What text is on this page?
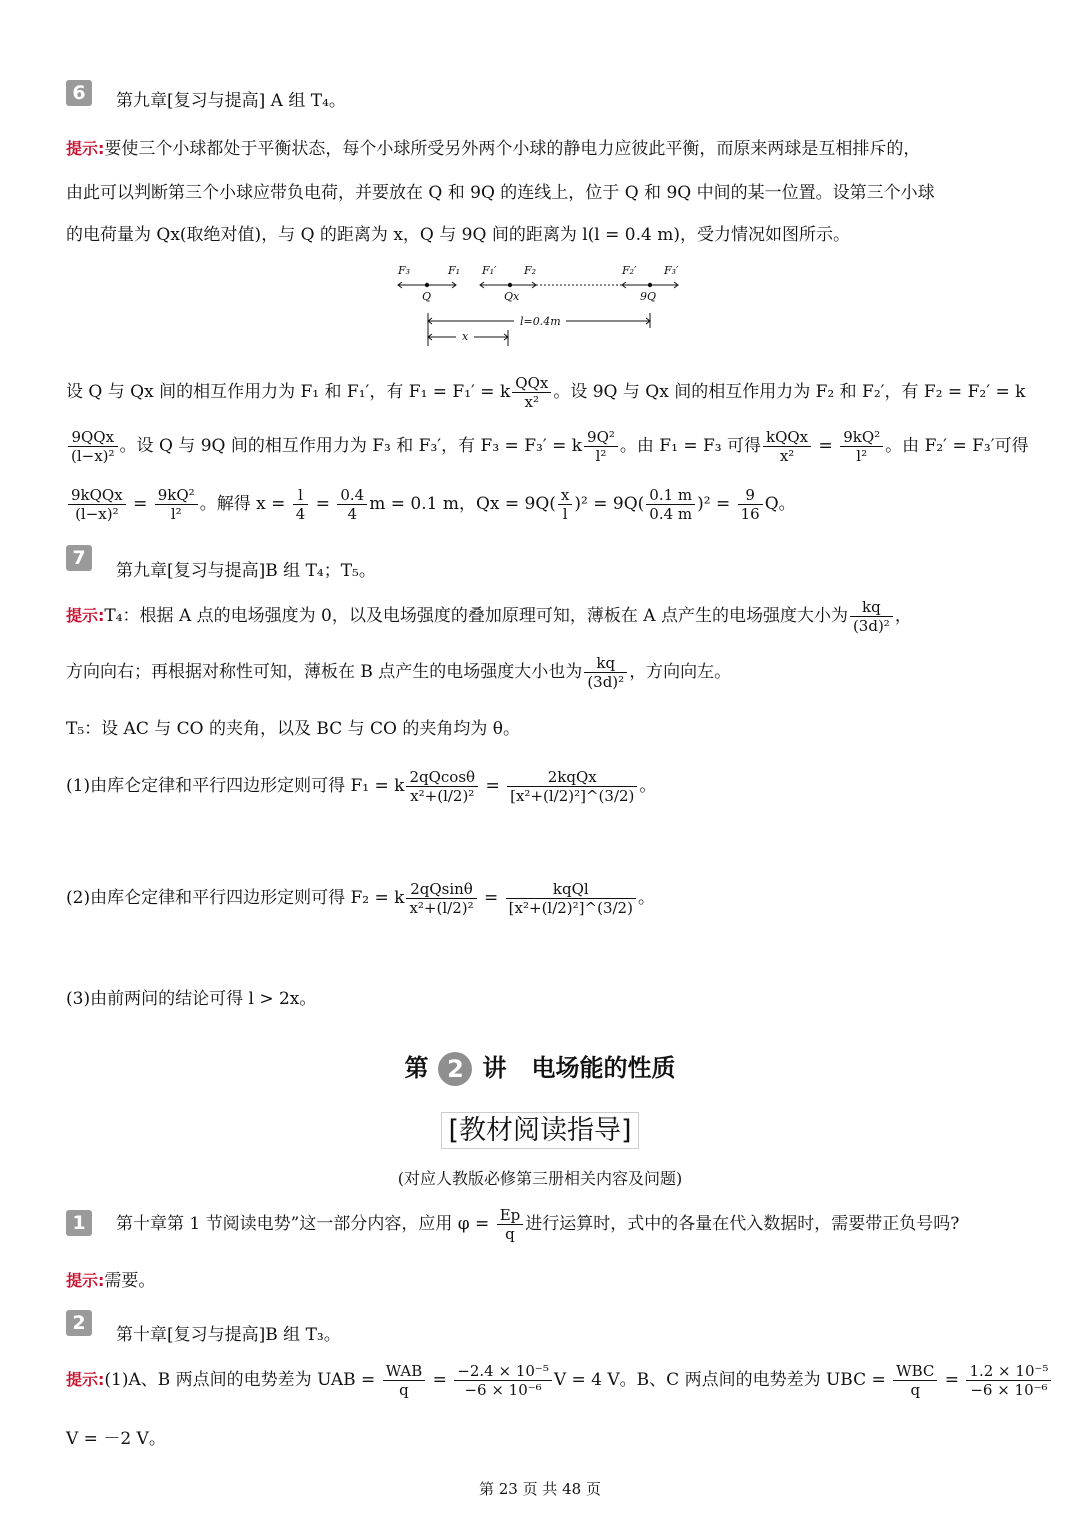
6	第九章[复习与提高] A 组 T₄。
提示:要使三个小球都处于平衡状态，每个小球所受另外两个小球的静电力应彼此平衡，而原来两球是互相排斥的，
由此可以判断第三个小球应带负电荷，并要放在 Q 和 9Q 的连线上，位于 Q 和 9Q 中间的某一位置。设第三个小球
的电荷量为 Qx(取绝对值)，与 Q 的距离为 x，Q 与 9Q 间的距离为 l(l = 0.4 m)，受力情况如图所示。
F₃	F₁ F₁′ F₂	F₂′ F₃′
Q	Qx	9Q
l=0.4m
x
设 Q 与 Qx 间的相互作用力为 F₁ 和 F₁′，有 F₁ = F₁′ = k QQx
x² 。设 9Q 与 Qx 间的相互作用力为 F₂ 和 F₂′，有 F₂ = F₂′ = k
9QQx
(l−x)² 。设 Q 与 9Q 间的相互作用力为 F₃ 和 F₃′，有 F₃ = F₃′ = k $\frac{\text{9Q²}}{\text{l²}}$ 。由 F₁ = F₃ 可得 kQQx
x²	= $\frac{\text{9kQ²}}{\text{l²}}$ 。由 F₂′ = F₃′可得
9kQQx
$(l-x)^2 = \frac{\text{9kQ²}}{\text{l²}}$ 。解得 $x = \frac{l}{4} = \frac{0.4}{4}$ m = 0.1 m，$Qx = 9Q( \frac{x}{l} )^2 = 9Q( \frac{0.1 m}{0.4 m} )^2 = \frac{9}{16}$ Q。
7
第九章[复习与提高]B 组 T₄；T₅。
提示:T₄：根据 A 点的电场强度为 0，以及电场强度的叠加原理可知，薄板在 A 点产生的电场强度大小为 $\frac{kq}{\text{(3d)²}}$ ，
方向向右；再根据对称性可知，薄板在 B 点产生的电场强度大小也为 $\frac{kq}{\text{(3d)²}}$ ，方向向左。
T₅：设 AC 与 CO 的夹角，以及 BC 与 CO 的夹角均为 θ。
(1)由库仑定律和平行四边形定则可得 F₁ = k $\frac{2qQcos\theta}{\text{x²+(l/2)²}}$ =	2kqQx
[x²+(l/2)²]^(3/2) 。
(2)由库仑定律和平行四边形定则可得 F₂ = k $\frac{2qQsin\theta}{\text{x²+(l/2)²}}$ =	kqQl
[x²+(l/2)²]^(3/2) 。
(3)由前两问的结论可得 l > 2x。
第 2 讲 电场能的性质
[教材阅读指导]
(对应人教版必修第三册相关内容及问题)
1	第十章第 1 节阅读电势”这一部分内容，应用 $\varphi = \frac{Ep}{q}$ 进行运算时，式中的各量在代入数据时，需要带正负号吗?
提示:需要。
2
第十章[复习与提高]B 组 T₃。
提示:(1)A、B 两点间的电势差为 UAB = WAB
q	= $\frac{\text{−2.4 × 10⁻⁵}}{\text{−6 × 10⁻⁶}}$ V = 4 V。B、C 两点间的电势差为 UBC = WBC
q	= $\frac{\text{1.2 × 10⁻⁵}}{\text{−6 × 10⁻⁶}}$
V = －2 V。
第 23 页 共 48 页
